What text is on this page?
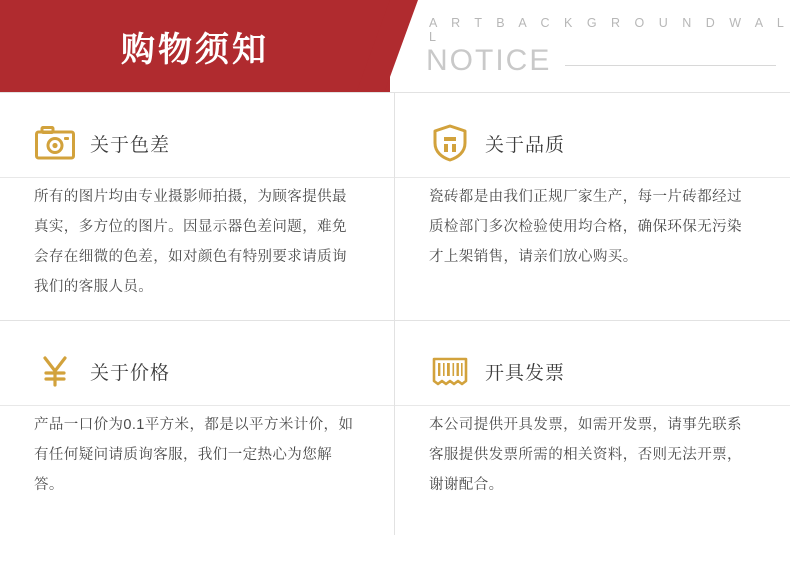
购物须知
A R T B A C K G R O U N D W A L L
NOTICE
关于色差
所有的图片均由专业摄影师拍摄，为顾客提供最真实，多方位的图片。因显示器色差问题，难免会存在细微的色差，如对颜色有特别要求请质询我们的客服人员。
关于品质
瓷砖都是由我们正规厂家生产，每一片砖都经过质检部门多次检验使用均合格，确保环保无污染才上架销售，请亲们放心购买。
关于价格
产品一口价为0.1平方米，都是以平方米计价，如有任何疑问请质询客服，我们一定热心为您解答。
开具发票
本公司提供开具发票，如需开发票，请事先联系客服提供发票所需的相关资料，否则无法开票，谢谢配合。
